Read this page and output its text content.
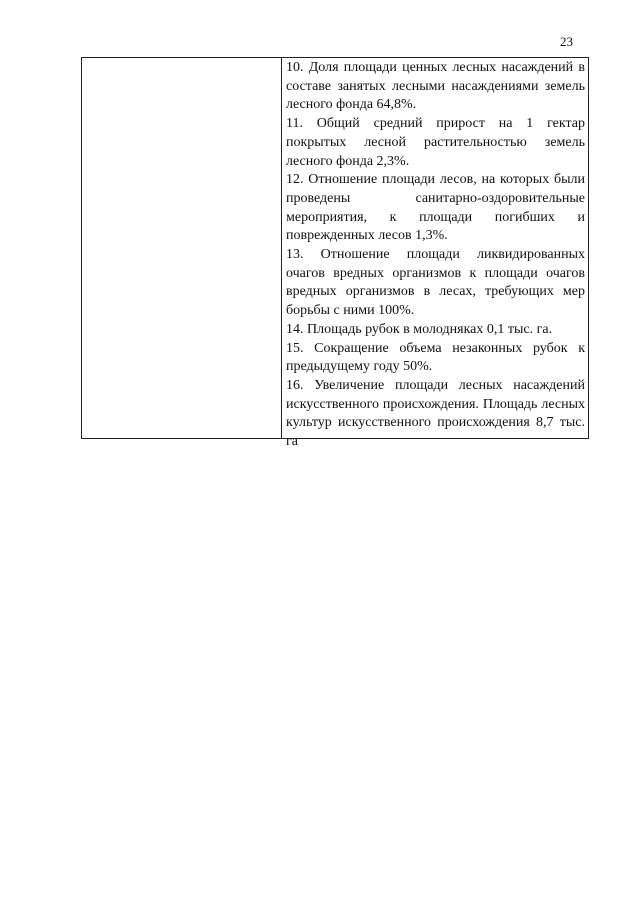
23

10. Доля площади ценных лесных насаждений в составе занятых лесными насаждениями земель лесного фонда 64,8%.

11. Общий средний прирост на 1 гектар покрытых лесной растительностью земель лесного фонда 2,3%.

12. Отношение площади лесов, на которых были проведены санитарно-оздоровительные мероприятия, к площади погибших и поврежденных лесов 1,3%.

13. Отношение площади ликвидированных очагов вредных организмов к площади очагов вредных организмов в лесах, требующих мер борьбы с ними 100%.

14. Площадь рубок в молодняках 0,1 тыс. га.

15. Сокращение объема незаконных рубок к предыдущему году 50%.

16. Увеличение площади лесных насаждений искусственного происхождения. Площадь лесных культур искусственного происхождения 8,7 тыс. га
